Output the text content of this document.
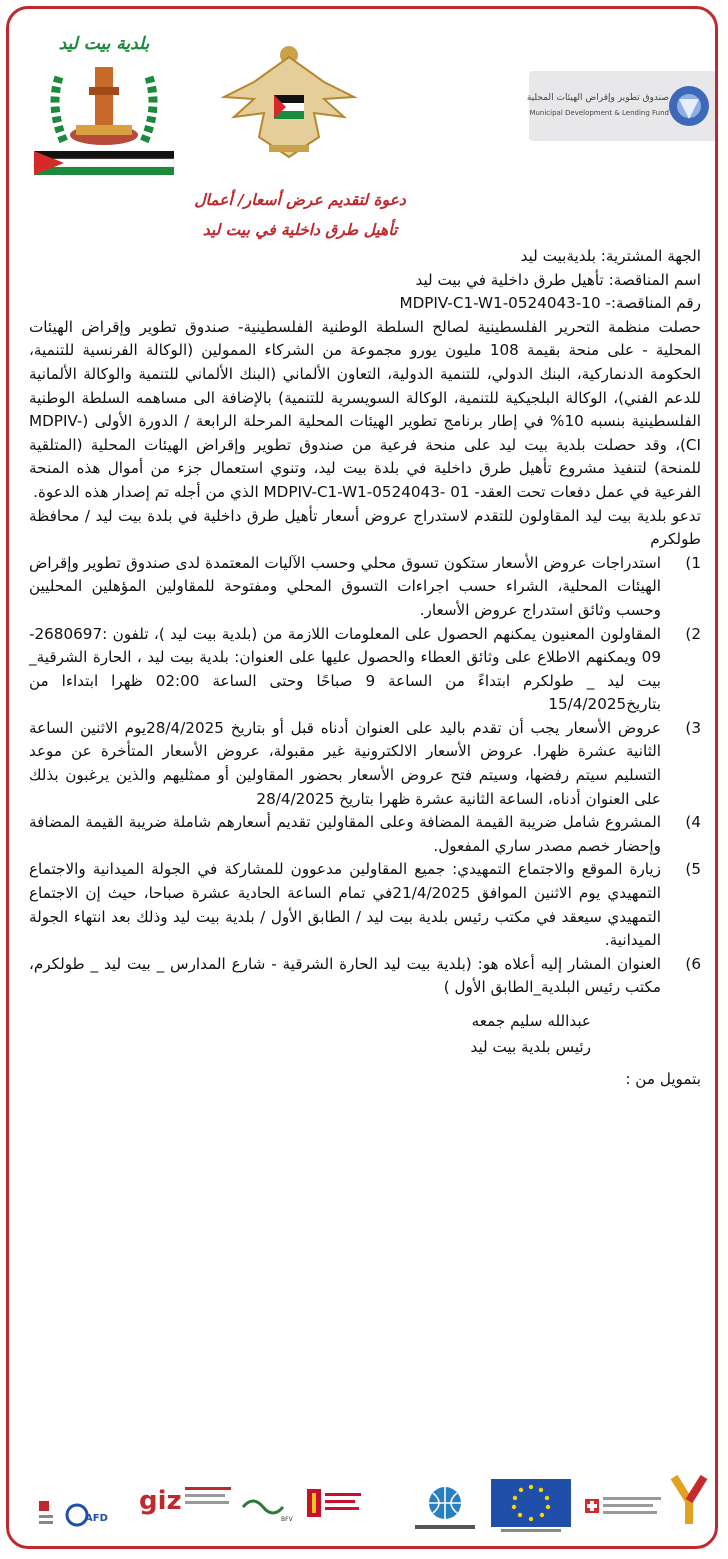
بلدية بيت ليد
صندوق تطوير وإقراض الهيئات المحلية
Municipal Development & Lending Fund
دعوة لتقديم عرض أسعار/ أعمال
تأهيل طرق داخلية في بيت ليد

الجهة المشترية: بلديةبيت ليد

اسم المناقصة: تأهيل طرق داخلية في بيت ليد

رقم المناقصة:- MDPIV-C1-W1-0524043-10

حصلت منظمة التحرير الفلسطينية لصالح السلطة الوطنية الفلسطينية- صندوق تطوير وإقراض الهيئات المحلية - على منحة بقيمة 108 مليون يورو مجموعة من الشركاء الممولين (الوكالة الفرنسية للتنمية، الحكومة الدنماركية، البنك الدولي، للتنمية الدولية، التعاون الألماني (البنك الألماني للتنمية والوكالة الألمانية للدعم الفني)، الوكالة البلجيكية للتنمية، الوكالة السويسرية للتنمية) بالإضافة الى مساهمه السلطة الوطنية الفلسطينية بنسبه 10% في إطار برنامج تطوير الهيئات المحلية المرحلة الرابعة / الدورة الأولى (MDPIV-CI)، وقد حصلت بلدية بيت ليد على منحة فرعية من صندوق تطوير وإقراض الهيئات المحلية (المتلقية للمنحة) لتنفيذ مشروع تأهيل طرق داخلية في بلدة بيت ليد، وتنوي استعمال جزء من أموال هذه المنحة الفرعية في عمل دفعات تحت العقد- 01 -MDPIV-C1-W1-0524043 الذي من أجله تم إصدار هذه الدعوة.

تدعو بلدية بيت ليد المقاولون للتقدم لاستدراج عروض أسعار تأهيل طرق داخلية في بلدة بيت ليد / محافظة طولكرم

1)
استدراجات عروض الأسعار ستكون تسوق محلي وحسب الآليات المعتمدة لدى صندوق تطوير وإقراض الهيئات المحلية، الشراء حسب اجراءات التسوق المحلي ومفتوحة للمقاولين المؤهلين المحليين وحسب وثائق استدراج عروض الأسعار.
2)
المقاولون المعنيون يمكنهم الحصول على المعلومات اللازمة من (بلدية بيت ليد )، تلفون :2680697-09 ويمكنهم الاطلاع على وثائق العطاء والحصول عليها على العنوان: بلدية بيت ليد ، الحارة الشرقية_ بيت ليد _ طولكرم ابتداءً من الساعة 9 صباحًا وحتى الساعة 02:00 ظهرا ابتداءا من بتاريخ15/4/2025
3)
عروض الأسعار يجب أن تقدم باليد على العنوان أدناه قبل أو بتاريخ 28/4/2025يوم الاثنين الساعة الثانية عشرة ظهرا. عروض الأسعار الالكترونية غير مقبولة، عروض الأسعار المتأخرة عن موعد التسليم سيتم رفضها، وسيتم فتح عروض الأسعار بحضور المقاولين أو ممثليهم والذين يرغبون بذلك على العنوان أدناه، الساعة الثانية عشرة ظهرا بتاريخ 28/4/2025
4)
المشروع شامل ضريبة القيمة المضافة وعلى المقاولين تقديم أسعارهم شاملة ضريبة القيمة المضافة وإحضار خصم مصدر ساري المفعول.
5)
زيارة الموقع والاجتماع التمهيدي: جميع المقاولين مدعوون للمشاركة في الجولة الميدانية والاجتماع التمهيدي يوم الاثنين الموافق 21/4/2025في تمام الساعة الحادية عشرة صباحا، حيث إن الاجتماع التمهيدي سيعقد في مكتب رئيس بلدية بيت ليد / الطابق الأول / بلدية بيت ليد وذلك بعد انتهاء الجولة الميدانية.
6)
العنوان المشار إليه أعلاه هو: (بلدية بيت ليد الحارة الشرقية - شارع المدارس _ بيت ليد _ طولكرم، مكتب رئيس البلدية_الطابق الأول )
عبدالله سليم جمعه
رئيس بلدية بيت ليد
بتمويل من :
BFV
giz
AFD
